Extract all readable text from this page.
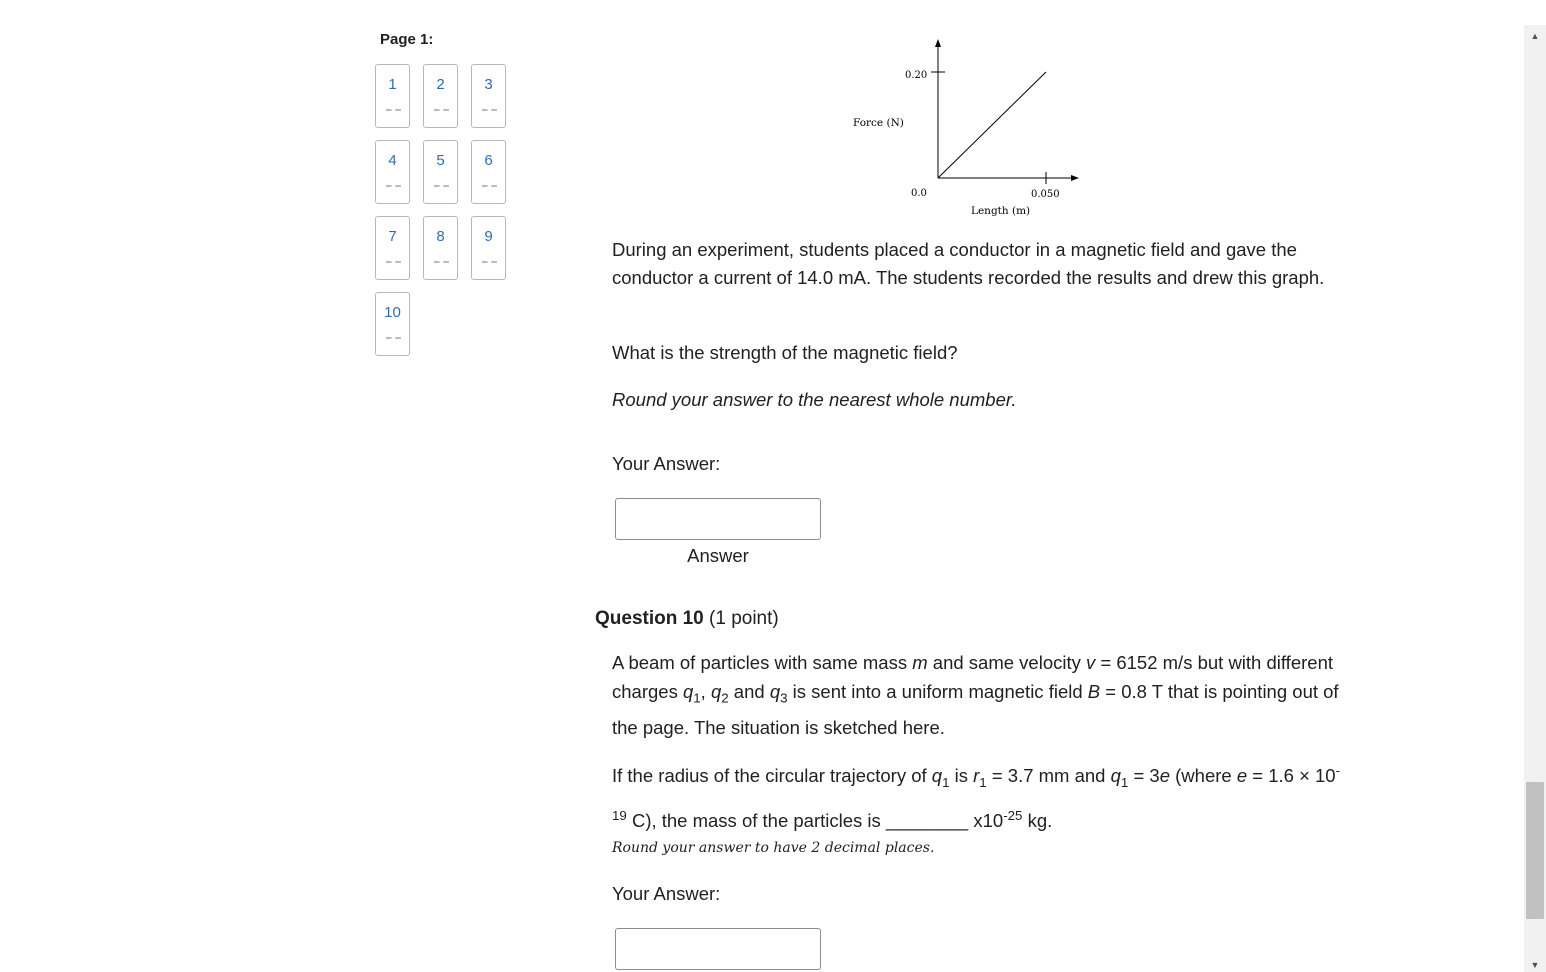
Page 1:
1	2	3
4	5	6
7	8	9
10
0.20
0.0	0.050
Force (N)
Length (m)
During an experiment, students placed a conductor in a magnetic field and gave the conductor a current of 14.0 mA. The students recorded the results and drew this graph.
What is the strength of the magnetic field?
Round your answer to the nearest whole number.
Your Answer:
Answer
Question 10 (1 point)
A beam of particles with same mass m and same velocity v = 6152 m/s but with different charges $q_1$, $q_2$ and $q_3$ is sent into a uniform magnetic field B = 0.8 T that is pointing out of the page. The situation is sketched here.
If the radius of the circular trajectory of $q_1$ is $r_1 = 3.7$ mm and $q_1 = 3e$ (where $e = 1.6 \times 10^{-19}$ C), the mass of the particles is ________ $x10^{-25}$ kg.
Round your answer to have 2 decimal places.
Your Answer:
▲
▼
